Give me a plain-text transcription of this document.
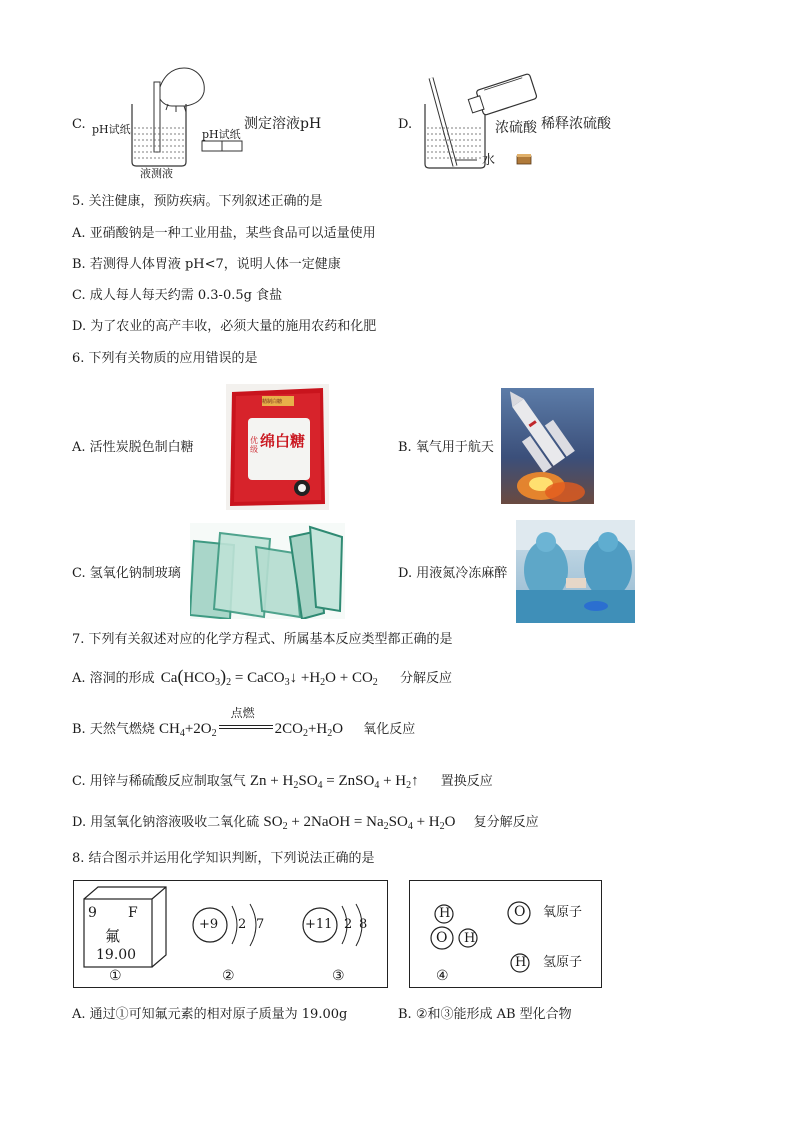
C. pH试纸	pH试纸
液测液
测定溶液pH	D.	浓硫酸 稀释浓硫酸
水
5. 关注健康，预防疾病。下列叙述正确的是
A. 亚硝酸钠是一种工业用盐，某些食品可以适量使用
B. 若测得人体胃液 pH<7，说明人体一定健康
C. 成人每人每天约需 0.3-0.5g 食盐
D. 为了农业的高产丰收，必须大量的施用农药和化肥
6. 下列有关物质的应用错误的是
A. 活性炭脱色制白糖	B. 氧气用于航天
C. 氢氧化钠制玻璃	D. 用液氮冷冻麻醉
精制白糖
优级 绵白糖
7. 下列有关叙述对应的化学方程式、所属基本反应类型都正确的是
A. 溶洞的形成 $Ca(HCO_3)_2$ = CaCO$_3$↓ $+H_2O + CO_2$ 分解反应
B. 天然气燃烧 $CH_4+2O_2$
点燃
$2CO_2+H_2O$ 氧化反应
C. 用锌与稀硫酸反应制取氢气 $Zn + H_2SO_4$ = ZnSO$_4$ + $H_2↑$ 置换反应
D. 用氢氧化钠溶液吸收二氧化硫 $SO_2$ + 2NaOH = $Na_2SO_4 + H_2O$ 复分解反应
8. 结合图示并运用化学知识判断，下列说法正确的是
9 F
氟
19.00
+9 2 7	+11 2 8
①	②	③
H
O H
O 氧原子
H 氢原子
④
A. 通过①可知氟元素的相对原子质量为 19.00g	B. ②和③能形成 AB 型化合物
